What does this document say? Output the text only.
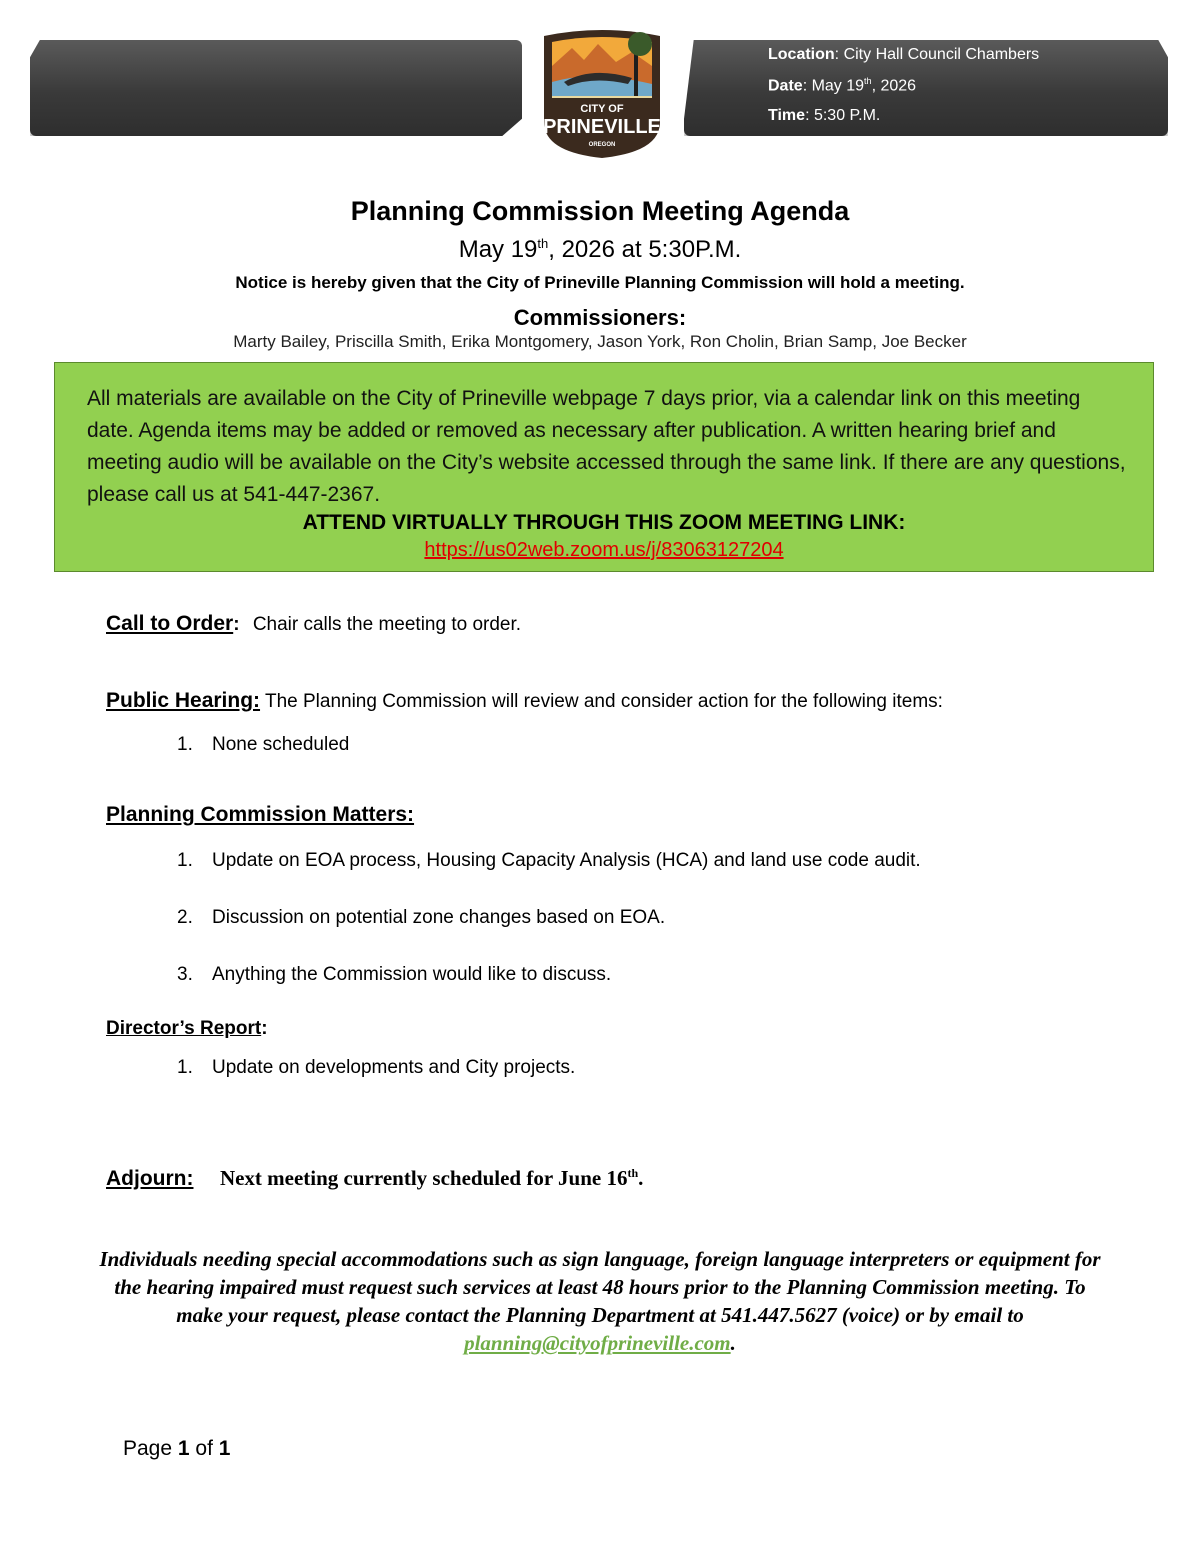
Location: City Hall Council Chambers
Date: May 19th, 2026
Time: 5:30 P.M.
CITY OF
PRINEVILLE
OREGON
Planning Commission Meeting Agenda
May 19th, 2026 at 5:30P.M.
Notice is hereby given that the City of Prineville Planning Commission will hold a meeting.
Commissioners:
Marty Bailey, Priscilla Smith, Erika Montgomery, Jason York, Ron Cholin, Brian Samp, Joe Becker
All materials are available on the City of Prineville webpage 7 days prior, via a calendar link on this meeting date. Agenda items may be added or removed as necessary after publication. A written hearing brief and meeting audio will be available on the City’s website accessed through the same link. If there are any questions, please call us at 541-447-2367.
ATTEND VIRTUALLY THROUGH THIS ZOOM MEETING LINK:
https://us02web.zoom.us/j/83063127204
Call to Order: Chair calls the meeting to order.
Public Hearing: The Planning Commission will review and consider action for the following items:
1. None scheduled
Planning Commission Matters:
1. Update on EOA process, Housing Capacity Analysis (HCA) and land use code audit.
2. Discussion on potential zone changes based on EOA.
3. Anything the Commission would like to discuss.
Director’s Report:
1. Update on developments and City projects.
Adjourn: Next meeting currently scheduled for June 16th.
Individuals needing special accommodations such as sign language, foreign language interpreters or equipment for the hearing impaired must request such services at least 48 hours prior to the Planning Commission meeting. To make your request, please contact the Planning Department at 541.447.5627 (voice) or by email to planning@cityofprineville.com.
Page 1 of 1
